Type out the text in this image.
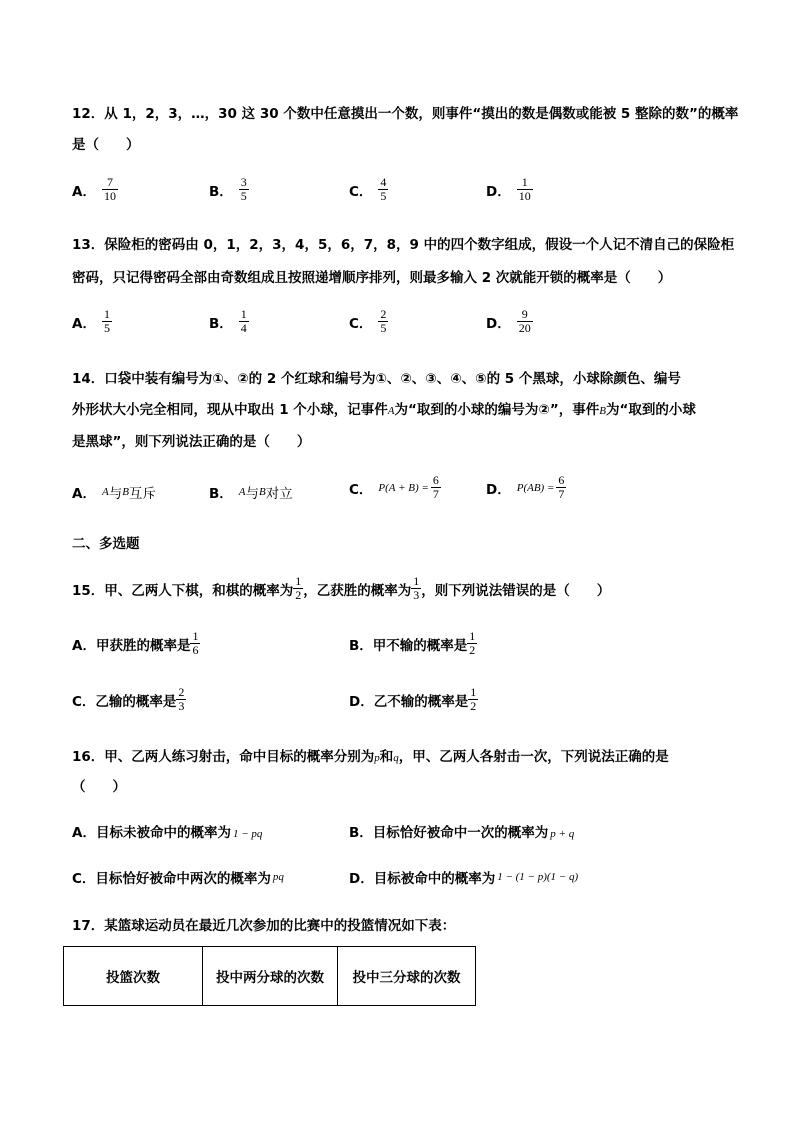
12．从 1，2，3，…，30 这 30 个数中任意摸出一个数，则事件“摸出的数是偶数或能被 5 整除的数”的概率
是（　　）
A． $\frac{7}{10}$	B． $\frac{3}{5}$	C． $\frac{4}{5}$	D． $\frac{1}{10}$
13．保险柜的密码由 0，1，2，3，4，5，6，7，8，9 中的四个数字组成，假设一个人记不清自己的保险柜
密码，只记得密码全部由奇数组成且按照递增顺序排列，则最多输入 2 次就能开锁的概率是（　　）
A． $\frac{1}{5}$	B． $\frac{1}{4}$	C． $\frac{2}{5}$	D． $\frac{9}{20}$
14．口袋中装有编号为①、②的 2 个红球和编号为①、②、③、④、⑤的 5 个黑球，小球除颜色、编号
外形状大小完全相同，现从中取出 1 个小球，记事件A为“取到的小球的编号为②”，事件B为“取到的小球
是黑球”，则下列说法正确的是（　　）
A． A 与 B 互斥	B． A 与 B 对立	C． $P(A + B) = \frac{6}{7}$	D． $P(AB) = \frac{6}{7}$
二、多选题
15．甲、乙两人下棋，和棋的概率为 $\frac{1}{2}$ ，乙获胜的概率为 $\frac{1}{3}$ ，则下列说法错误的是（　　）
A． 甲获胜的概率是 $\frac{1}{6}$	B． 甲不输的概率是 $\frac{1}{2}$
C． 乙输的概率是 $\frac{2}{3}$	D． 乙不输的概率是 $\frac{1}{2}$
16．甲、乙两人练习射击，命中目标的概率分别为p和q，甲、乙两人各射击一次，下列说法正确的是
（　　）
A．目标未被命中的概率为 1 − pq	B．目标恰好被命中一次的概率为 p + q
C．目标恰好被命中两次的概率为 $^{pq}$	D．目标被命中的概率为 $^{1 - (1 - p)(1 - q)}$
17．某篮球运动员在最近几次参加的比赛中的投篮情况如下表：
投篮次数	投中两分球的次数	投中三分球的次数
